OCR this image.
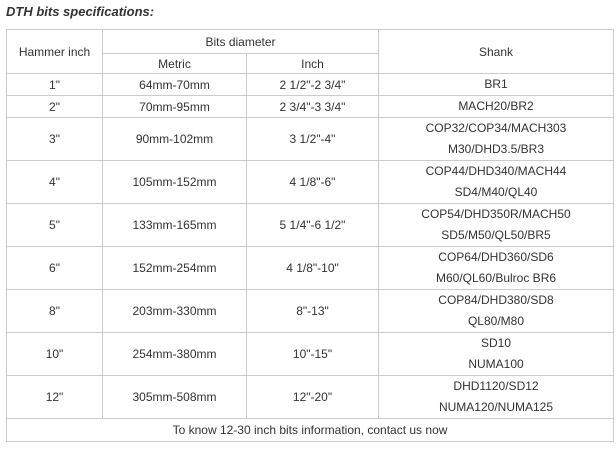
DTH bits specifications:
Hammer inch	Bits diameter		Shank
	Metric	Inch	
1"	64mm-70mm	2 1/2"-2 3/4"	BR1

2"	70mm-95mm	2 3/4"-3 3/4"	MACH20/BR2

3"	90mm-102mm	3 1/2"-4"	COP32/COP34/MACH303
M30/DHD3.5/BR3

4"	105mm-152mm	4 1/8"-6"	COP44/DHD340/MACH44
SD4/M40/QL40

5"	133mm-165mm	5 1/4"-6 1/2"	COP54/DHD350R/MACH50
SD5/M50/QL50/BR5

6"	152mm-254mm	4 1/8"-10"	COP64/DHD360/SD6
M60/QL60/Bulroc BR6

8"	203mm-330mm	8"-13"	COP84/DHD380/SD8
QL80/M80

10"	254mm-380mm	10"-15"	SD10
NUMA100

12"	305mm-508mm	12"-20"	DHD1120/SD12
NUMA120/NUMA125

To know 12-30 inch bits information, contact us now			
